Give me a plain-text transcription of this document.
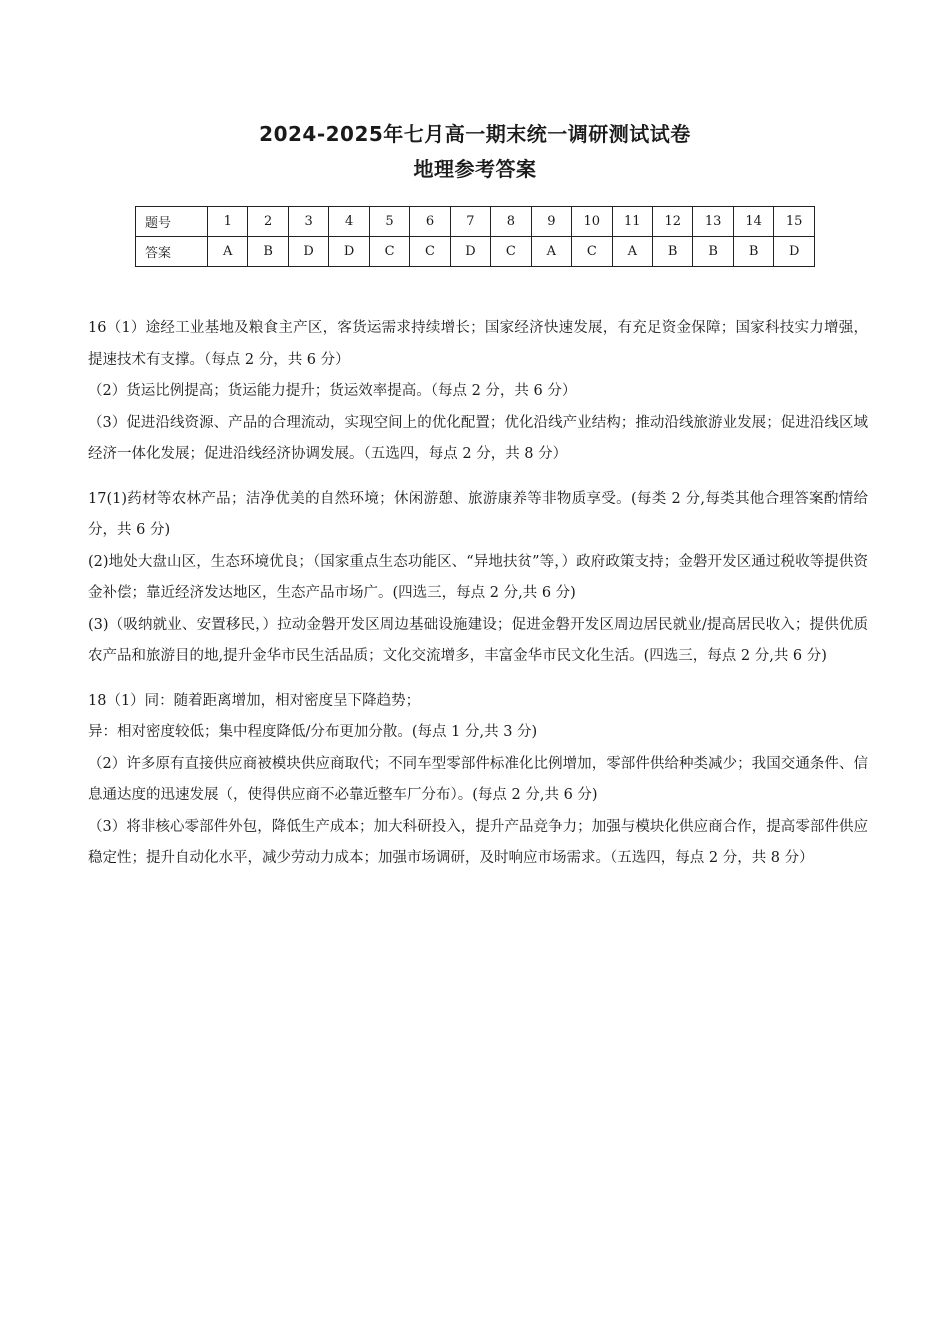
2024-2025年七月高一期末统一调研测试试卷
地理参考答案
题号	1	2	3	4	5	6	7	8	9	10	11	12	13	14	15
答案	A	B	D	D	C	C	D	C	A	C	A	B	B	B	D

16（1）途经工业基地及粮食主产区，客货运需求持续增长；国家经济快速发展，有充足资金保障；国家科技实力增强，提速技术有支撑。（每点 2 分，共 6 分）

（2）货运比例提高；货运能力提升；货运效率提高。（每点 2 分，共 6 分）

（3）促进沿线资源、产品的合理流动，实现空间上的优化配置；优化沿线产业结构；推动沿线旅游业发展；促进沿线区域经济一体化发展；促进沿线经济协调发展。（五选四，每点 2 分，共 8 分）

17(1)药材等农林产品；洁净优美的自然环境；休闲游憩、旅游康养等非物质享受。(每类 2 分,每类其他合理答案酌情给分，共 6 分)

(2)地处大盘山区，生态环境优良；（国家重点生态功能区、“异地扶贫”等，）政府政策支持；金磐开发区通过税收等提供资金补偿；靠近经济发达地区，生态产品市场广。(四选三，每点 2 分,共 6 分)

(3)（吸纳就业、安置移民，）拉动金磐开发区周边基础设施建设；促进金磐开发区周边居民就业/提高居民收入；提供优质农产品和旅游目的地,提升金华市民生活品质；文化交流增多，丰富金华市民文化生活。(四选三，每点 2 分,共 6 分)

18（1）同：随着距离增加，相对密度呈下降趋势；

异：相对密度较低；集中程度降低/分布更加分散。(每点 1 分,共 3 分)

（2）许多原有直接供应商被模块供应商取代；不同车型零部件标准化比例增加，零部件供给种类减少；我国交通条件、信息通达度的迅速发展（，使得供应商不必靠近整车厂分布）。(每点 2 分,共 6 分)

（3）将非核心零部件外包，降低生产成本；加大科研投入，提升产品竞争力；加强与模块化供应商合作，提高零部件供应稳定性；提升自动化水平，减少劳动力成本；加强市场调研，及时响应市场需求。（五选四，每点 2 分，共 8 分）
